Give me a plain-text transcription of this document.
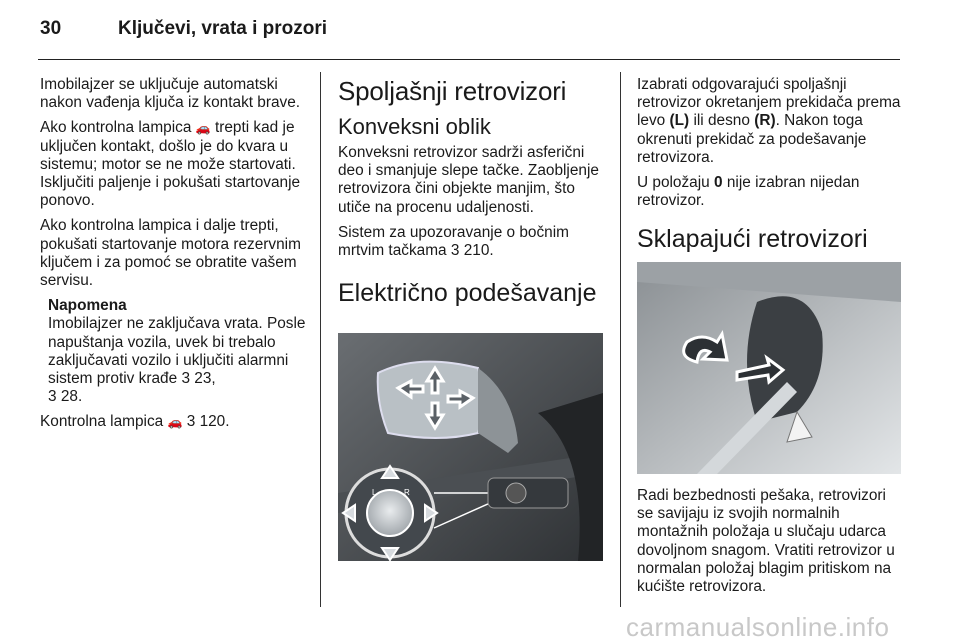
30	Ključevi, vrata i prozori

Imobilajzer se uključuje automatski nakon vađenja ključa iz kontakt brave.

Ako kontrolna lampica 🚗 trepti kad je uključen kontakt, došlo je do kvara u sistemu; motor se ne može startovati. Isključiti paljenje i pokušati startovanje ponovo.

Ako kontrolna lampica i dalje trepti, pokušati startovanje motora rezervnim ključem i za pomoć se obratite vašem servisu.

Napomena

Imobilajzer ne zaključava vrata. Posle napuštanja vozila, uvek bi trebalo zaključavati vozilo i uključiti alarmni sistem protiv krađe 3 23,
3 28.

Kontrolna lampica 🚗 3 120.

Spoljašnji retrovizori
Konveksni oblik

Konveksni retrovizor sadrži asferični deo i smanjuje slepe tačke. Zaobljenje retrovizora čini objekte manjim, što utiče na procenu udaljenosti.

Sistem za upozoravanje o bočnim mrtvim tačkama 3 210.

Električno podešavanje
L	R

Izabrati odgovarajući spoljašnji retrovizor okretanjem prekidača prema levo (L) ili desno (R). Nakon toga okrenuti prekidač za podešavanje retrovizora.

U položaju 0 nije izabran nijedan retrovizor.

Sklapajući retrovizori

Radi bezbednosti pešaka, retrovizori se savijaju iz svojih normalnih montažnih položaja u slučaju udarca dovoljnom snagom. Vratiti retrovizor u normalan položaj blagim pritiskom na kućište retrovizora.

carmanualsonline.info
